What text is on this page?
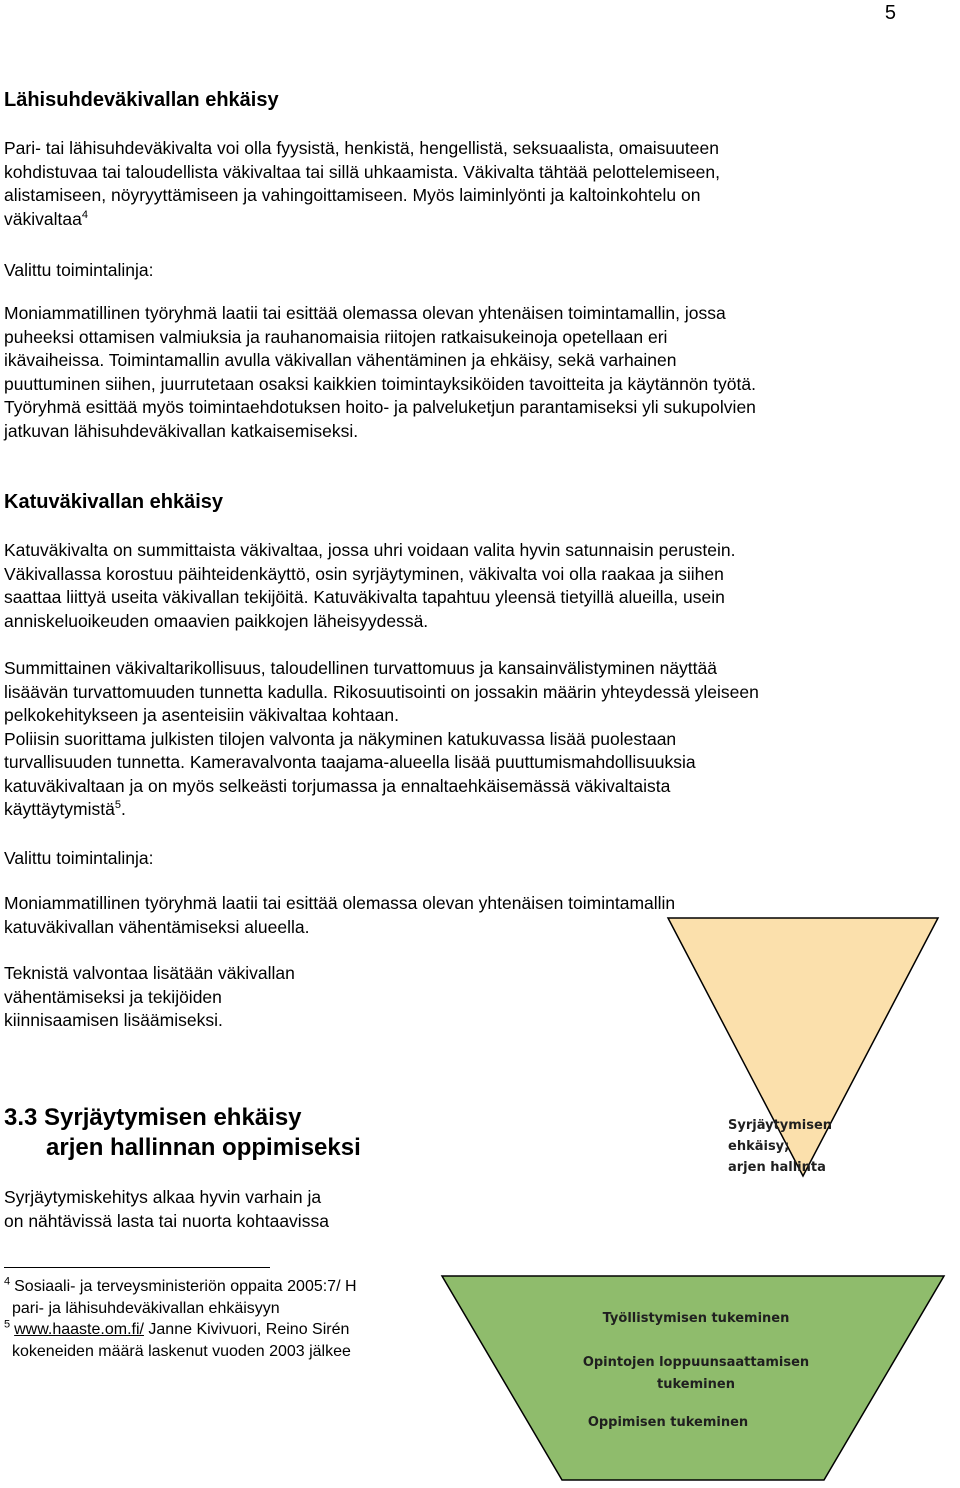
5
Lähisuhdeväkivallan ehkäisy

Pari- tai lähisuhdeväkivalta voi olla fyysistä, henkistä, hengellistä, seksuaalista, omaisuuteen

kohdistuvaa tai taloudellista väkivaltaa tai sillä uhkaamista. Väkivalta tähtää pelottelemiseen,

alistamiseen, nöyryyttämiseen ja vahingoittamiseen. Myös laiminlyönti ja kaltoinkohtelu on

väkivaltaa$^4$

Valittu toimintalinja:

Moniammatillinen työryhmä laatii tai esittää olemassa olevan yhtenäisen toimintamallin, jossa

puheeksi ottamisen valmiuksia ja rauhanomaisia riitojen ratkaisukeinoja opetellaan eri

ikävaiheissa. Toimintamallin avulla väkivallan vähentäminen ja ehkäisy, sekä varhainen

puuttuminen siihen, juurrutetaan osaksi kaikkien toimintayksiköiden tavoitteita ja käytännön työtä.

Työryhmä esittää myös toimintaehdotuksen hoito- ja palveluketjun parantamiseksi yli sukupolvien

jatkuvan lähisuhdeväkivallan katkaisemiseksi.

Katuväkivallan ehkäisy

Katuväkivalta on summittaista väkivaltaa, jossa uhri voidaan valita hyvin satunnaisin perustein.

Väkivallassa korostuu päihteidenkäyttö, osin syrjäytyminen, väkivalta voi olla raakaa ja siihen

saattaa liittyä useita väkivallan tekijöitä. Katuväkivalta tapahtuu yleensä tietyillä alueilla, usein

anniskeluoikeuden omaavien paikkojen läheisyydessä.

Summittainen väkivaltarikollisuus, taloudellinen turvattomuus ja kansainvälistyminen näyttää

lisäävän turvattomuuden tunnetta kadulla. Rikosuutisointi on jossakin määrin yhteydessä yleiseen

pelkokehitykseen ja asenteisiin väkivaltaa kohtaan.

Poliisin suorittama julkisten tilojen valvonta ja näkyminen katukuvassa lisää puolestaan

turvallisuuden tunnetta. Kameravalvonta taajama-alueella lisää puuttumismahdollisuuksia

katuväkivaltaan ja on myös selkeästi torjumassa ja ennaltaehkäisemässä väkivaltaista

käyttäytymistä$^5$.

Valittu toimintalinja:

Moniammatillinen työryhmä laatii tai esittää olemassa olevan yhtenäisen toimintamallin

katuväkivallan vähentämiseksi alueella.

Teknistä valvontaa lisätään väkivallan

vähentämiseksi ja tekijöiden

kiinnisaamisen lisäämiseksi.

3.3 Syrjäytymisen ehkäisy
arjen hallinnan oppimiseksi

Syrjäytymiskehitys alkaa hyvin varhain ja

on nähtävissä lasta tai nuorta kohtaavissa

$^4$ Sosiaali- ja terveysministeriön oppaita 2005:7/ H
pari- ja lähisuhdeväkivallan ehkäisyyn
$^5$ www.haaste.om.fi/ Janne Kivivuori, Reino Sirén
kokeneiden määrä laskenut vuoden 2003 jälkee
Syrjäytymisen
ehkäisy;
arjen hallinta
Työllistymisen tukeminen
Opintojen loppuunsaattamisen
tukeminen
Oppimisen tukeminen
